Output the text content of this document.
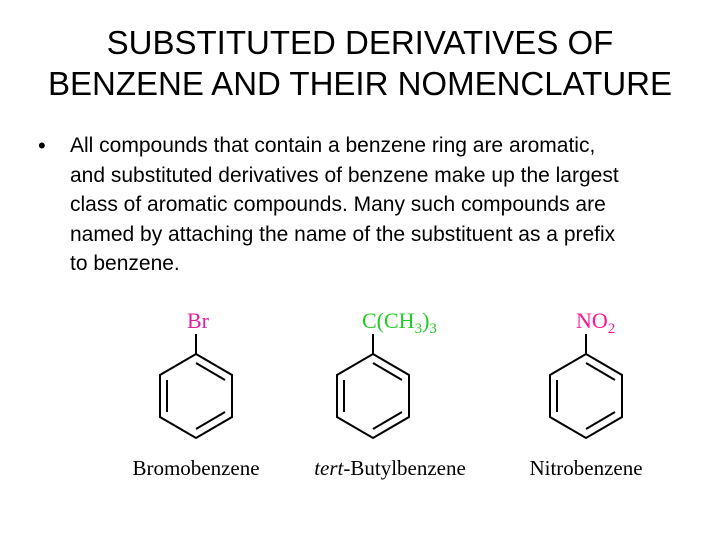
SUBSTITUTED DERIVATIVES OF
BENZENE AND THEIR NOMENCLATURE
• All compounds that contain a benzene ring are aromatic,
and substituted derivatives of benzene make up the largest
class of aromatic compounds. Many such compounds are
named by attaching the name of the substituent as a prefix
to benzene.
Br	$C(CH_3)_3$	$NO_2$
Bromobenzene	tert-Butylbenzene	Nitrobenzene
